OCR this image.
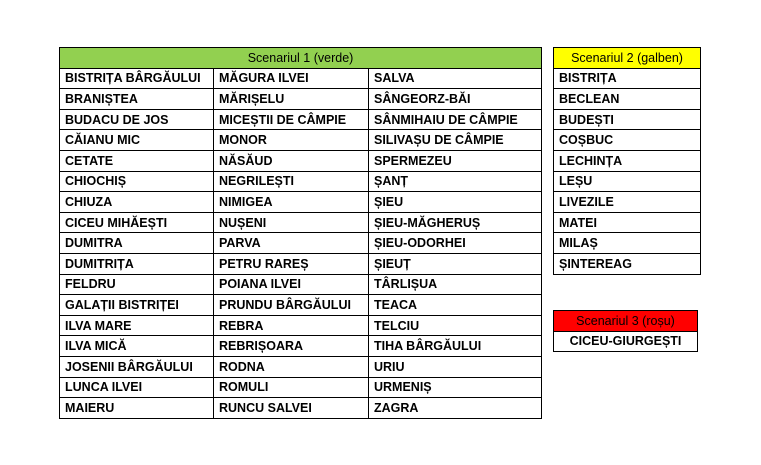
Scenariul 1 (verde)		
BISTRIȚA BÂRGĂULUI	MĂGURA ILVEI	SALVA
BRANIȘTEA	MĂRIȘELU	SÂNGEORZ-BĂI
BUDACU DE JOS	MICEȘTII DE CÂMPIE	SÂNMIHAIU DE CÂMPIE
CĂIANU MIC	MONOR	SILIVAȘU DE CÂMPIE
CETATE	NĂSĂUD	SPERMEZEU
CHIOCHIȘ	NEGRILEȘTI	ȘANȚ
CHIUZA	NIMIGEA	ȘIEU
CICEU MIHĂEȘTI	NUȘENI	ȘIEU-MĂGHERUȘ
DUMITRA	PARVA	ȘIEU-ODORHEI
DUMITRIȚA	PETRU RAREȘ	ȘIEUȚ
FELDRU	POIANA ILVEI	TÂRLIȘUA
GALAȚII BISTRIȚEI	PRUNDU BÂRGĂULUI	TEACA
ILVA MARE	REBRA	TELCIU
ILVA MICĂ	REBRIȘOARA	TIHA BÂRGĂULUI
JOSENII BÂRGĂULUI	RODNA	URIU
LUNCA ILVEI	ROMULI	URMENIȘ
MAIERU	RUNCU SALVEI	ZAGRA
Scenariul 2 (galben)
BISTRIȚA
BECLEAN
BUDEȘTI
COȘBUC
LECHINȚA
LEȘU
LIVEZILE
MATEI
MILAȘ
ȘINTEREAG
Scenariul 3 (roșu)
CICEU-GIURGEȘTI
